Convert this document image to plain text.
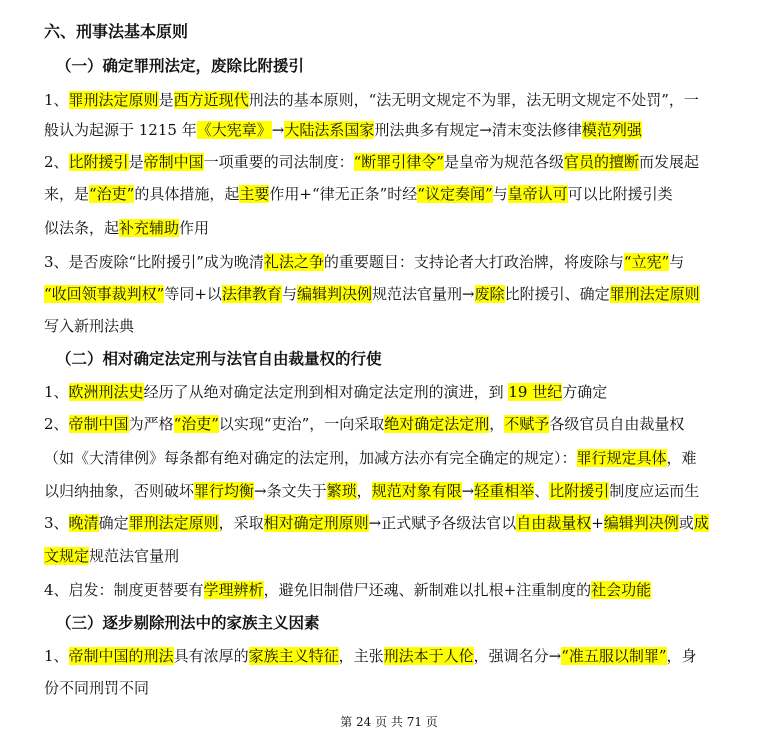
六、刑事法基本原则
（一）确定罪刑法定，废除比附援引
1、罪刑法定原则是西方近现代刑法的基本原则，“法无明文规定不为罪，法无明文规定不处罚”，一
般认为起源于 1215 年《大宪章》→大陆法系国家刑法典多有规定→清末变法修律模范列强
2、比附援引是帝制中国一项重要的司法制度：“断罪引律令”是皇帝为规范各级官员的擅断而发展起
来，是“治吏”的具体措施，起主要作用+“律无正条”时经“议定奏闻”与皇帝认可可以比附援引类
似法条，起补充辅助作用
3、是否废除“比附援引”成为晚清礼法之争的重要题目：支持论者大打政治牌，将废除与“立宪”与
“收回领事裁判权”等同+以法律教育与编辑判决例规范法官量刑→废除比附援引、确定罪刑法定原则
写入新刑法典
（二）相对确定法定刑与法官自由裁量权的行使
1、欧洲刑法史经历了从绝对确定法定刑到相对确定法定刑的演进，到 19 世纪方确定
2、帝制中国为严格“治吏”以实现“吏治”，一向采取绝对确定法定刑，不赋予各级官员自由裁量权
（如《大清律例》每条都有绝对确定的法定刑，加减方法亦有完全确定的规定）：罪行规定具体，难
以归纳抽象，否则破坏罪行均衡→条文失于繁琐，规范对象有限→轻重相举、比附援引制度应运而生
3、晚清确定罪刑法定原则，采取相对确定刑原则→正式赋予各级法官以自由裁量权+编辑判决例或成
文规定规范法官量刑
4、启发：制度更替要有学理辨析，避免旧制借尸还魂、新制难以扎根+注重制度的社会功能
（三）逐步剔除刑法中的家族主义因素
1、帝制中国的刑法具有浓厚的家族主义特征，主张刑法本于人伦，强调名分→“准五服以制罪”，身
份不同刑罚不同
第 24 页 共 71 页
